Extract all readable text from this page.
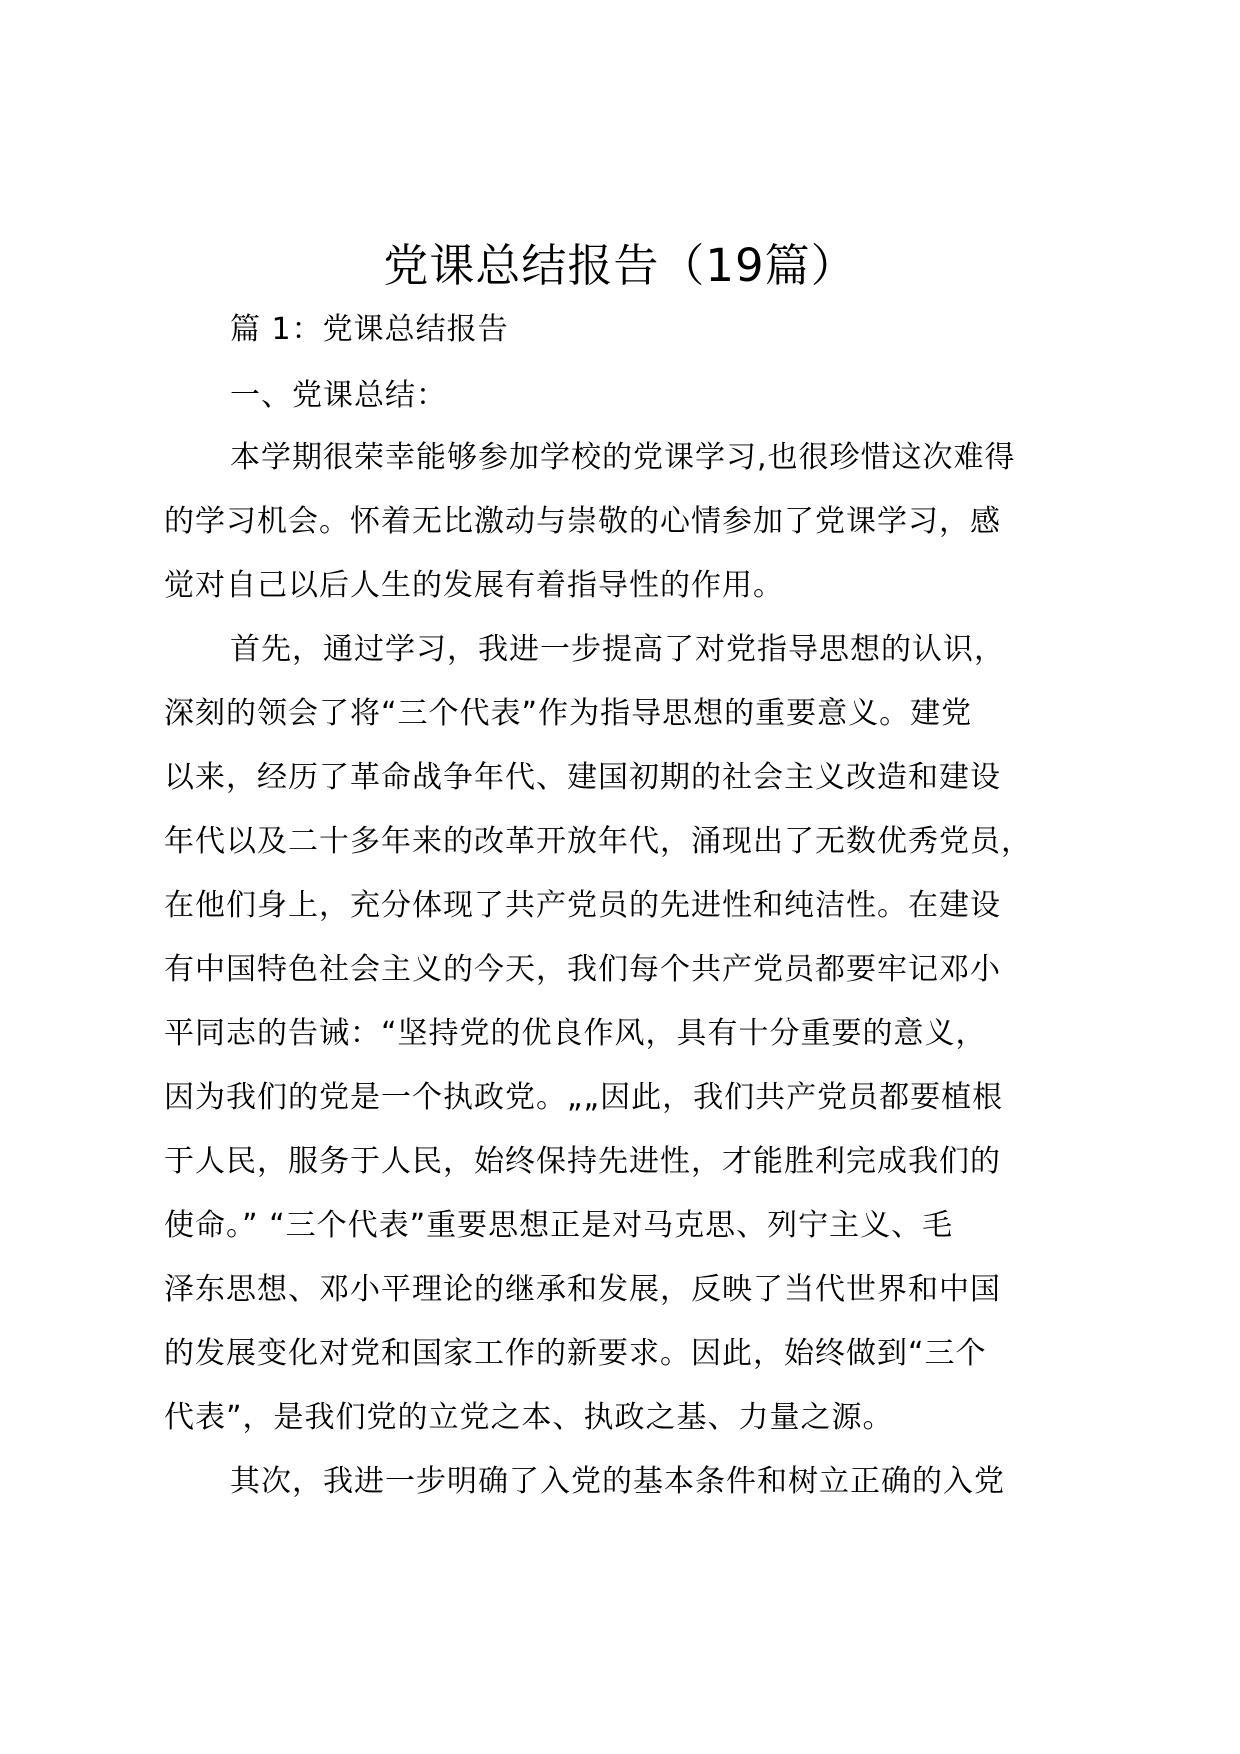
党课总结报告（19篇）
篇 1：党课总结报告
一、党课总结：
本学期很荣幸能够参加学校的党课学习,也很珍惜这次难得
的学习机会。怀着无比激动与崇敬的心情参加了党课学习，感
觉对自己以后人生的发展有着指导性的作用。
首先，通过学习，我进一步提高了对党指导思想的认识，
深刻的领会了将“三个代表”作为指导思想的重要意义。建党
以来，经历了革命战争年代、建国初期的社会主义改造和建设
年代以及二十多年来的改革开放年代，涌现出了无数优秀党员，
在他们身上，充分体现了共产党员的先进性和纯洁性。在建设
有中国特色社会主义的今天，我们每个共产党员都要牢记邓小
平同志的告诫：“坚持党的优良作风，具有十分重要的意义，
因为我们的党是一个执政党。„„因此，我们共产党员都要植根
于人民，服务于人民，始终保持先进性，才能胜利完成我们的
使命。” “三个代表”重要思想正是对马克思、列宁主义、毛
泽东思想、邓小平理论的继承和发展，反映了当代世界和中国
的发展变化对党和国家工作的新要求。因此，始终做到“三个
代表”，是我们党的立党之本、执政之基、力量之源。
其次，我进一步明确了入党的基本条件和树立正确的入党
